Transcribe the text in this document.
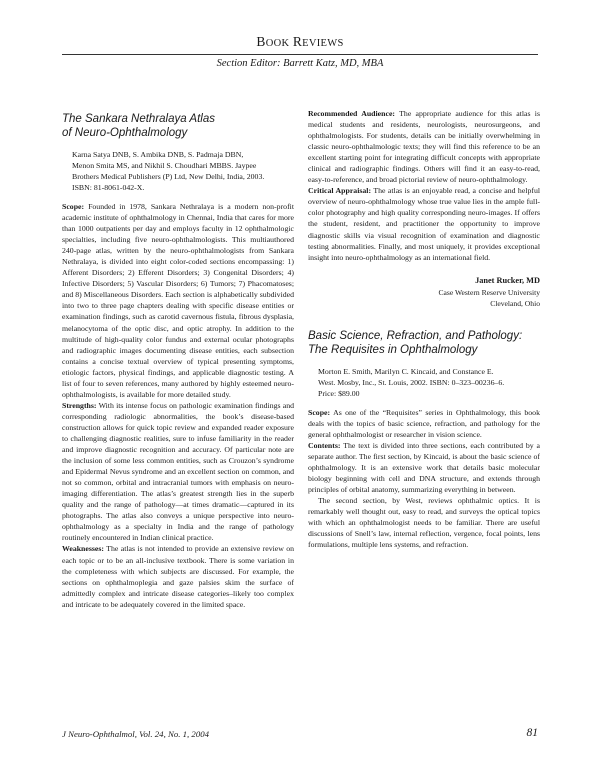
BOOK REVIEWS
Section Editor: Barrett Katz, MD, MBA
The Sankara Nethralaya Atlas
of Neuro-Ophthalmology
Karna Satya DNB, S. Ambika DNB, S. Padmaja DBN,
Menon Smita MS, and Nikhil S. Choudhari MBBS. Jaypee
Brothers Medical Publishers (P) Ltd, New Delhi, India, 2003.
ISBN: 81-8061-042-X.

Scope: Founded in 1978, Sankara Nethralaya is a modern non-profit academic institute of ophthalmology in Chennai, India that cares for more than 1000 outpatients per day and employs faculty in 12 ophthalmologic specialties, including five neuro-ophthalmologists. This multiauthored 240-page atlas, written by the neuro-ophthalmologists from Sankara Nethralaya, is divided into eight color-coded sections encompassing: 1) Afferent Disorders; 2) Efferent Disorders; 3) Congenital Disorders; 4) Infective Disorders; 5) Vascular Disorders; 6) Tumors; 7) Phacomatoses; and 8) Miscellaneous Disorders. Each section is alphabetically subdivided into two to three page chapters dealing with specific disease entities or examination findings, such as carotid cavernous fistula, fibrous dysplasia, melanocytoma of the optic disc, and optic atrophy. In addition to the multitude of high-quality color fundus and external ocular photographs and radiographic images documenting disease entities, each subsection contains a concise textual overview of typical presenting symptoms, etiologic factors, physical findings, and applicable diagnostic testing. A list of four to seven references, many authored by highly esteemed neuro-ophthalmologists, is available for more detailed study.

Strengths: With its intense focus on pathologic examination findings and corresponding radiologic abnormalities, the book’s disease-based construction allows for quick topic review and expanded reader exposure to challenging diagnostic realities, sure to infuse familiarity in the reader and improve diagnostic recognition and accuracy. Of particular note are the inclusion of some less common entities, such as Crouzon’s syndrome and Epidermal Nevus syndrome and an excellent section on common, and not so common, orbital and intracranial tumors with emphasis on neuro-imaging differentiation. The atlas’s greatest strength lies in the superb quality and the range of pathology—at times dramatic—captured in its photographs. The atlas also conveys a unique perspective into neuro-ophthalmology as a specialty in India and the range of pathology routinely encountered in Indian clinical practice.

Weaknesses: The atlas is not intended to provide an extensive review on each topic or to be an all-inclusive textbook. There is some variation in the completeness with which subjects are discussed. For example, the sections on ophthalmoplegia and gaze palsies skim the surface of admittedly complex and intricate disease categories–likely too complex and intricate to be adequately covered in the limited space.

Recommended Audience: The appropriate audience for this atlas is medical students and residents, neurologists, neurosurgeons, and ophthalmologists. For students, details can be initially overwhelming in classic neuro-ophthalmologic texts; they will find this reference to be an excellent starting point for integrating difficult concepts with appropriate clinical and radiographic findings. Others will find it an easy-to-read, easy-to-reference, and broad pictorial review of neuro-ophthalmology.

Critical Appraisal: The atlas is an enjoyable read, a concise and helpful overview of neuro-ophthalmology whose true value lies in the ample full-color photography and high quality corresponding neuro-images. If offers the student, resident, and practitioner the opportunity to improve diagnostic skills via visual recognition of examination and diagnostic testing abnormalities. Finally, and most uniquely, it provides exceptional insight into neuro-ophthalmology as an international field.

Janet Rucker, MD
Case Western Reserve University
Cleveland, Ohio
Basic Science, Refraction, and Pathology:
The Requisites in Ophthalmology
Morton E. Smith, Marilyn C. Kincaid, and Constance E.
West. Mosby, Inc., St. Louis, 2002. ISBN: 0–323–00236–6.
Price: $89.00

Scope: As one of the “Requisites” series in Ophthalmology, this book deals with the topics of basic science, refraction, and pathology for the general ophthalmologist or researcher in vision science.

Contents: The text is divided into three sections, each contributed by a separate author. The first section, by Kincaid, is about the basic science of ophthalmology. It is an extensive work that details basic molecular biology beginning with cell and DNA structure, and extends through principles of orbital anatomy, summarizing everything in between.

The second section, by West, reviews ophthalmic optics. It is remarkably well thought out, easy to read, and surveys the optical topics with which an ophthalmologist needs to be familiar. There are useful discussions of Snell’s law, internal reflection, vergence, focal points, lens formulations, multiple lens systems, and refraction.

J Neuro-Ophthalmol, Vol. 24, No. 1, 2004	81
